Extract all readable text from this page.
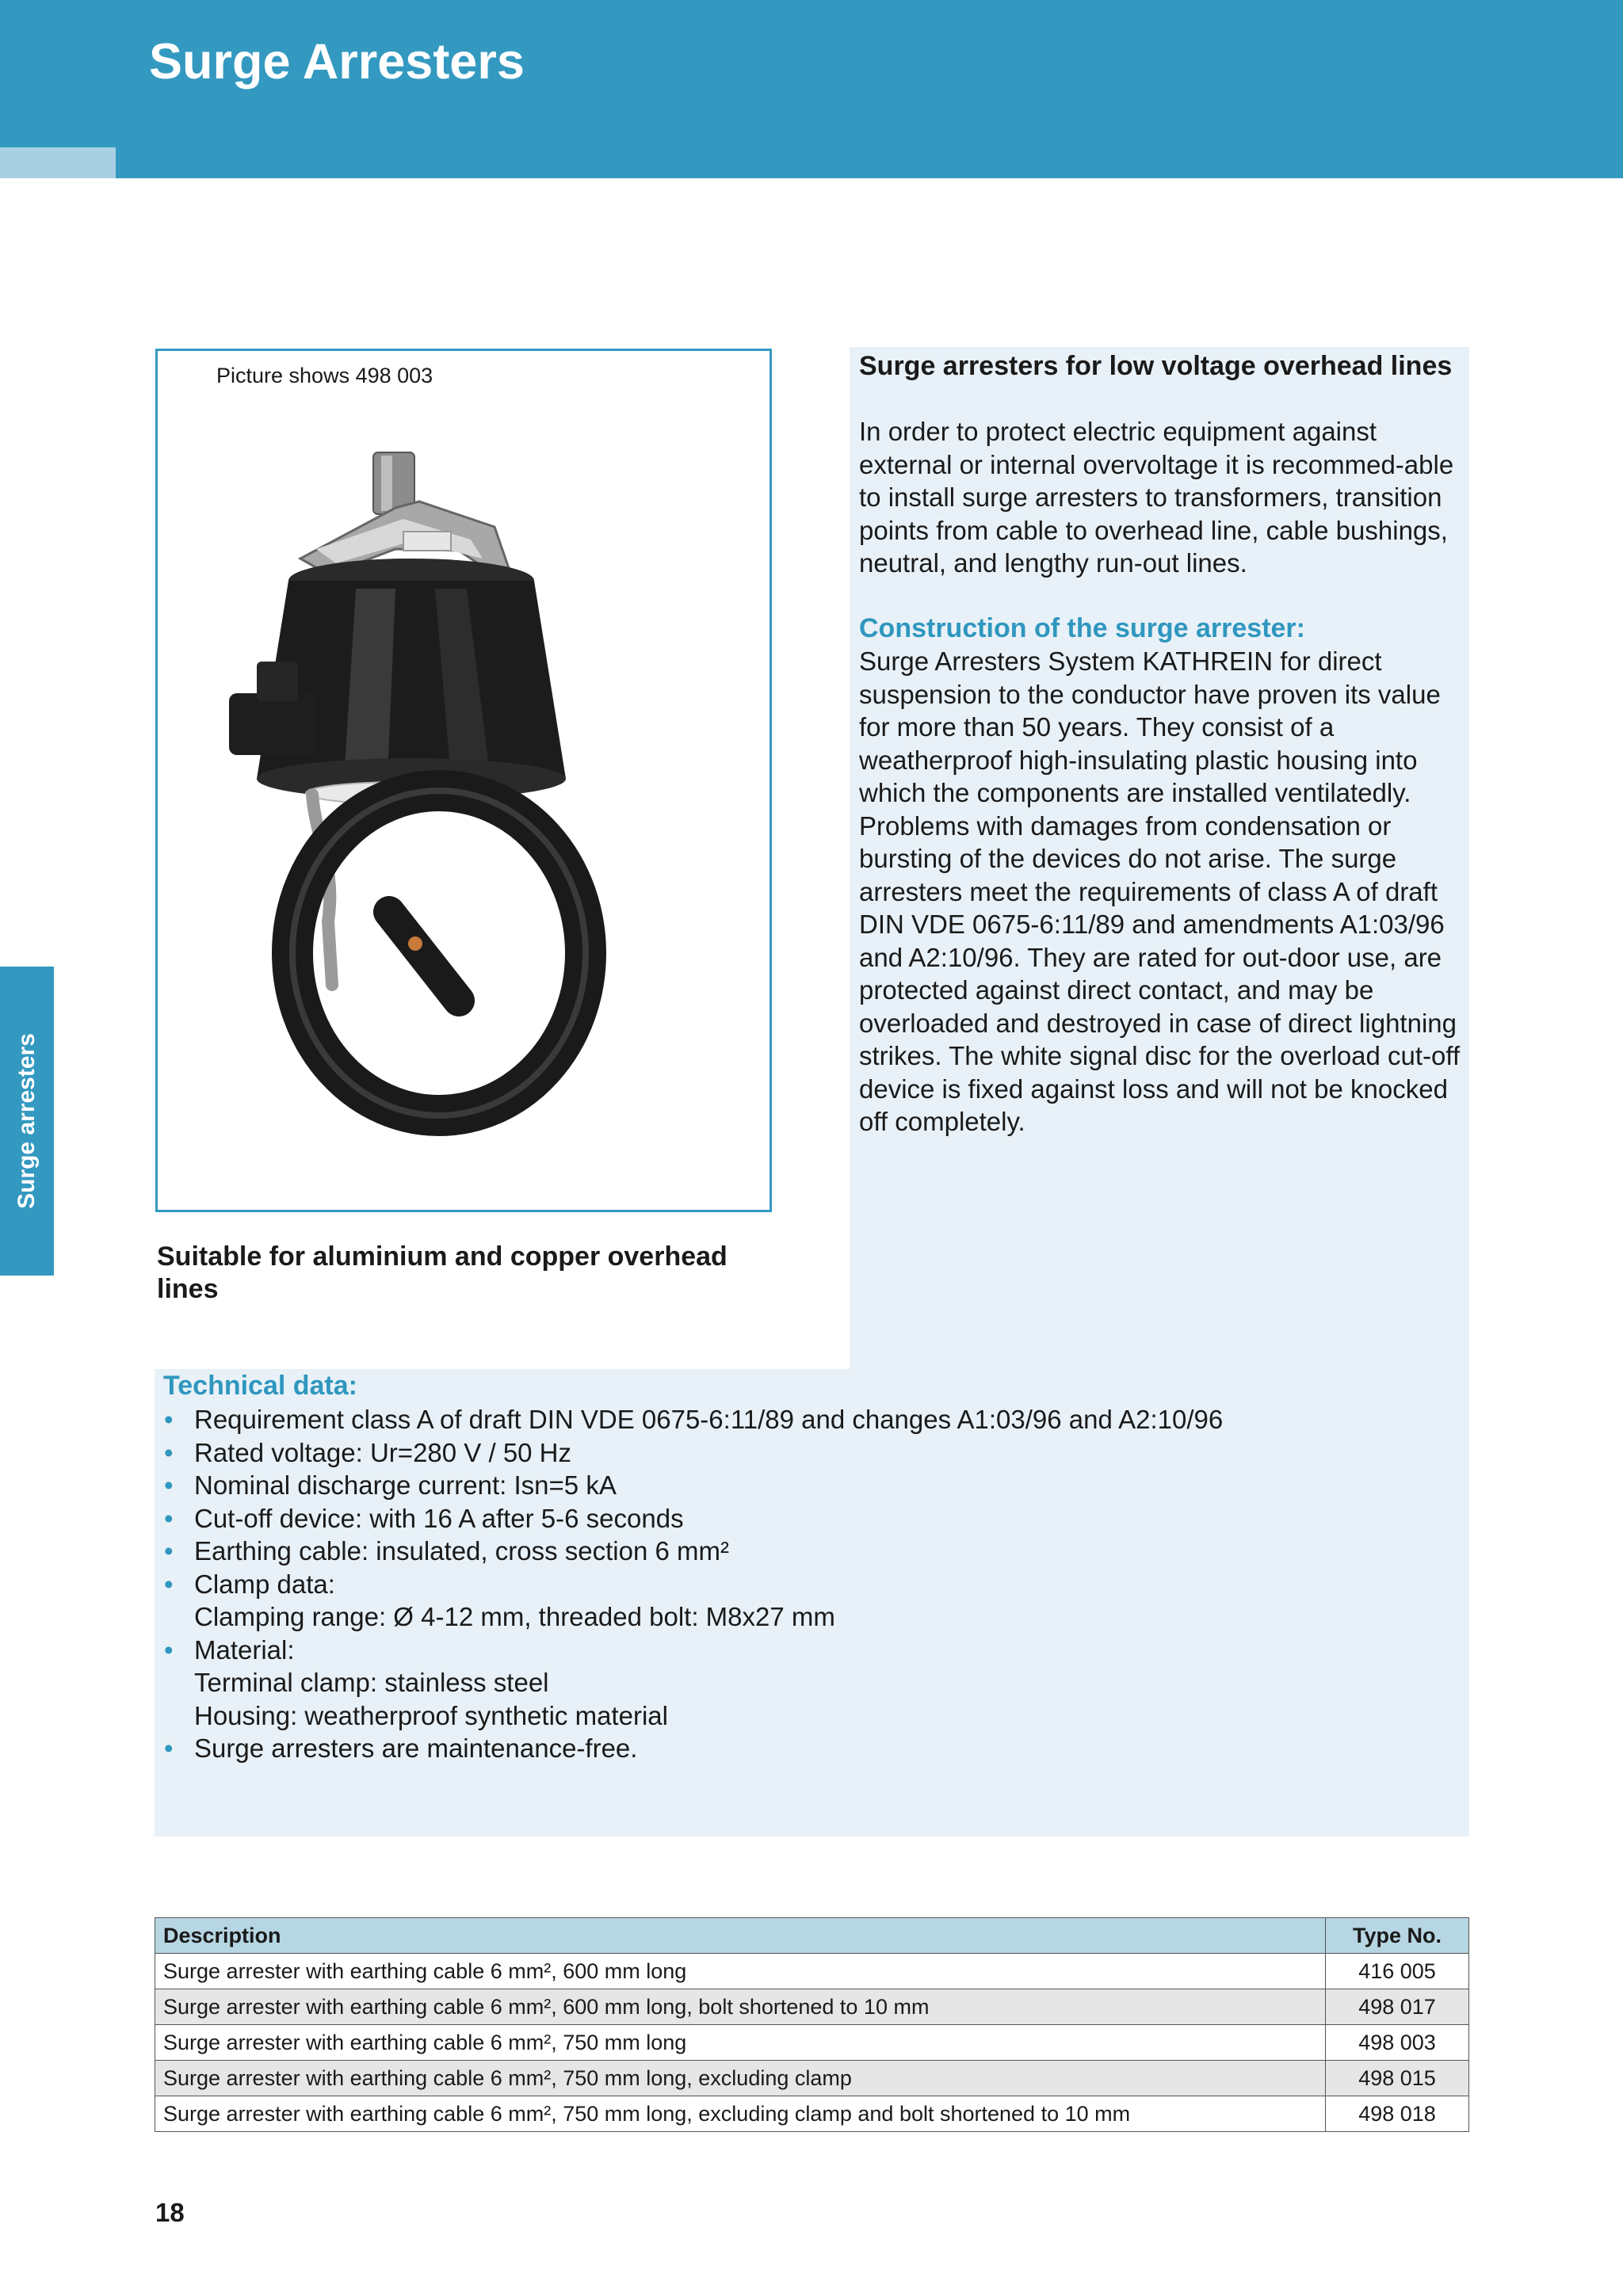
Surge Arresters
Surge arresters
Picture shows 498 003
Suitable for aluminium and copper overhead lines
Surge arresters for low voltage overhead lines
In order to protect electric equipment against external or internal overvoltage it is recommed-able to install surge arresters to transformers, transition points from cable to overhead line, cable bushings, neutral, and lengthy run-out lines.
Construction of the surge arrester:
Surge Arresters System KATHREIN for direct suspension to the conductor have proven its value for more than 50 years. They consist of a weatherproof high-insulating plastic housing into which the components are installed ventilatedly. Problems with damages from condensation or bursting of the devices do not arise. The surge arresters meet the requirements of class A of draft DIN VDE 0675-6:11/89 and amendments A1:03/96 and A2:10/96. They are rated for out-door use, are protected against direct contact, and may be overloaded and destroyed in case of direct lightning strikes. The white signal disc for the overload cut-off device is fixed against loss and will not be knocked off completely.
Technical data:
• Requirement class A of draft DIN VDE 0675-6:11/89 and changes A1:03/96 and A2:10/96
• Rated voltage: Ur=280 V / 50 Hz
• Nominal discharge current: Isn=5 kA
• Cut-off device: with 16 A after 5-6 seconds
• Earthing cable: insulated, cross section 6 mm²
• Clamp data:
Clamping range: Ø 4-12 mm, threaded bolt: M8x27 mm
• Material:
Terminal clamp: stainless steel
Housing: weatherproof synthetic material
• Surge arresters are maintenance-free.
Description	Type No.
Surge arrester with earthing cable 6 mm², 600 mm long	416 005
Surge arrester with earthing cable 6 mm², 600 mm long, bolt shortened to 10 mm	498 017
Surge arrester with earthing cable 6 mm², 750 mm long	498 003
Surge arrester with earthing cable 6 mm², 750 mm long, excluding clamp	498 015
Surge arrester with earthing cable 6 mm², 750 mm long, excluding clamp and bolt shortened to 10 mm	498 018
18
